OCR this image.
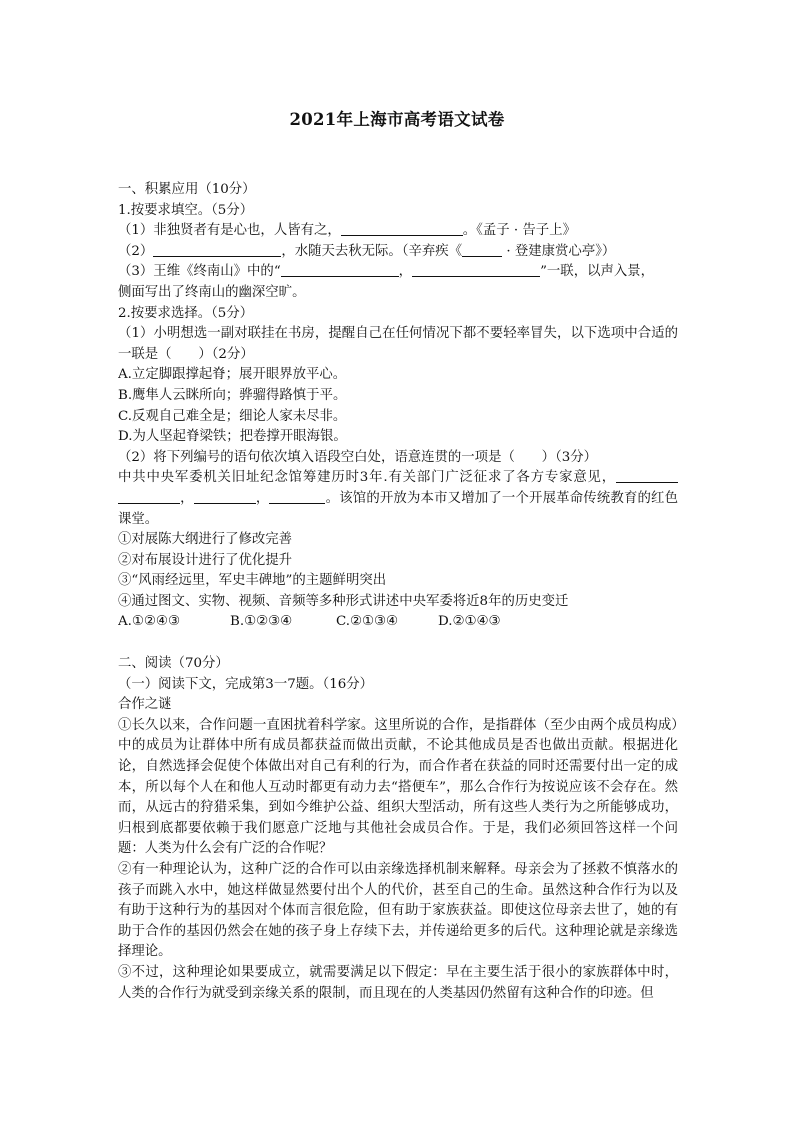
2021年上海市高考语文试卷
一、积累应用（10分）
1.按要求填空。（5分）
（1）非独贤者有是心也，人皆有之，	。《孟子 · 告子上》
（2）	，水随天去秋无际。（辛弃疾《	· 登建康赏心亭》）
（3）王维《终南山》中的“	，	”一联，以声入景，
侧面写出了终南山的幽深空旷。
2.按要求选择。（5分）
（1）小明想选一副对联挂在书房，提醒自己在任何情况下都不要轻率冒失，以下选项中合适的一联是（　　）（2分）
A.立定脚跟撑起脊；展开眼界放平心。
B.鹰隼人云眯所向；骅骝得路慎于平。
C.反观自己难全是；细论人家未尽非。
D.为人坚起脊梁铁；把卷撑开眼海银。
（2）将下列编号的语句依次填入语段空白处，语意连贯的一项是（　　）（3分）
中共中央军委机关旧址纪念馆筹建历时3年.有关部门广泛征求了各方专家意见， ，	，	。该馆的开放为本市又增加了一个开展革命传统教育的红色课堂。
①对展陈大纲进行了修改完善
②对布展设计进行了优化提升
③“风雨经远里，军史丰碑地”的主题鲜明突出
④通过图文、实物、视频、音频等多种形式讲述中央军委将近8年的历史变迁
A.①②④③	B.①②③④	C.②①③④	D.②①④③
二、阅读（70分）
（一）阅读下文，完成第3一7题。（16分）
合作之谜
①长久以来，合作问题一直困扰着科学家。这里所说的合作，是指群体（至少由两个成员构成）中的成员为让群体中所有成员都获益而做出贡献，不论其他成员是否也做出贡献。根据进化论，自然选择会促使个体做出对自己有利的行为，而合作者在获益的同时还需要付出一定的成本，所以每个人在和他人互动时都更有动力去“搭便车”，那么合作行为按说应该不会存在。然而，从远古的狩猎采集，到如今维护公益、组织大型活动，所有这些人类行为之所能够成功，归根到底都要依赖于我们愿意广泛地与其他社会成员合作。于是，我们必须回答这样一个问题：人类为什么会有广泛的合作呢？
②有一种理论认为，这种广泛的合作可以由亲缘选择机制来解释。母亲会为了拯救不慎落水的孩子而跳入水中，她这样做显然要付出个人的代价，甚至自己的生命。虽然这种合作行为以及有助于这种行为的基因对个体而言很危险，但有助于家族获益。即使这位母亲去世了，她的有助于合作的基因仍然会在她的孩子身上存续下去，并传递给更多的后代。这种理论就是亲缘选择理论。
③不过，这种理论如果要成立，就需要满足以下假定：早在主要生活于很小的家族群体中时，人类的合作行为就受到亲缘关系的限制，而且现在的人类基因仍然留有这种合作的印迹。但
